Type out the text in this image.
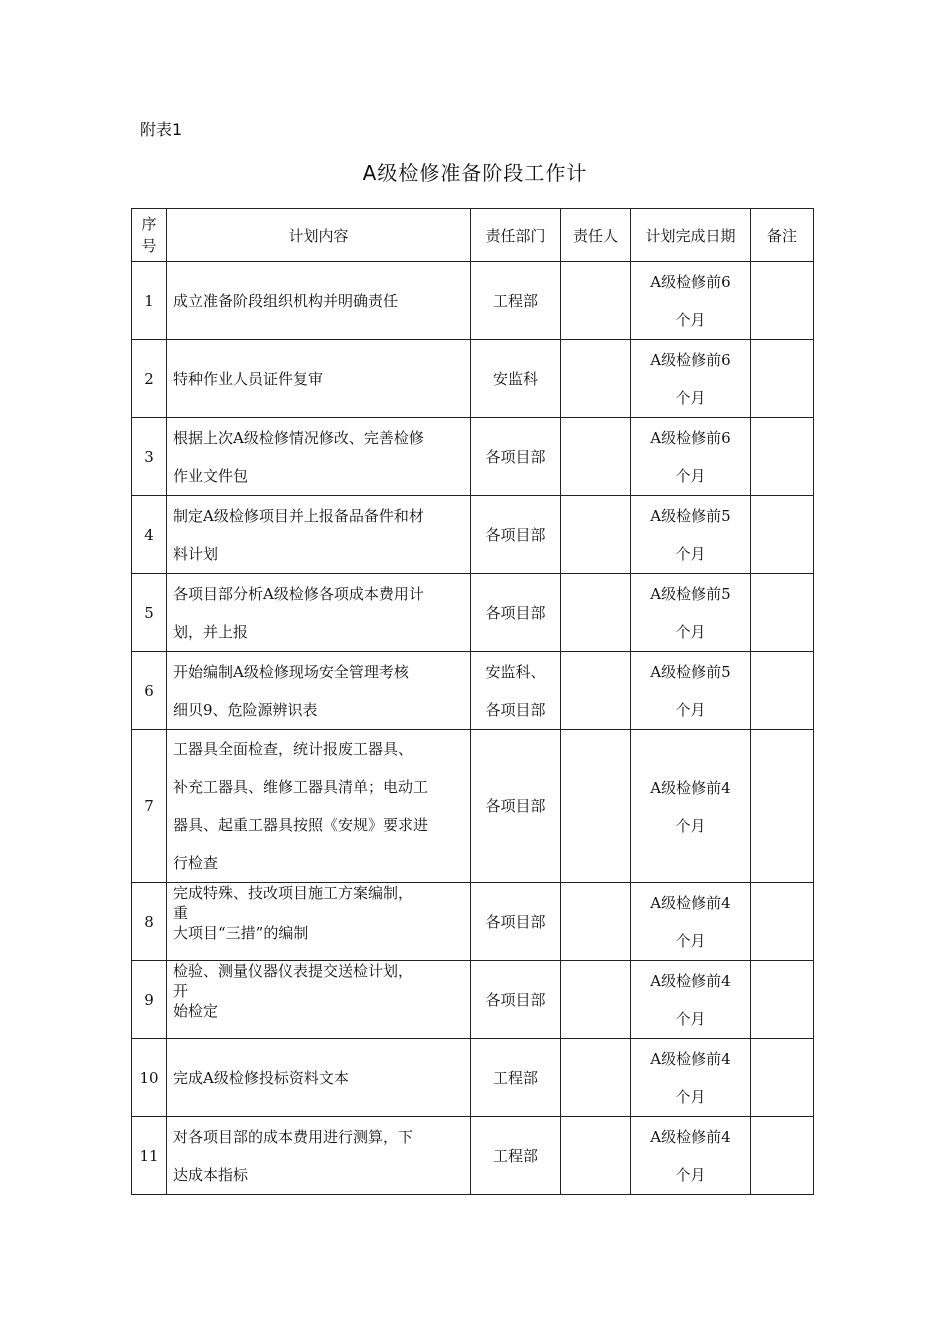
附表1
A级检修准备阶段工作计
序
号	计划内容	责任部门	责任人	计划完成日期	备注
1	成立准备阶段组织机构并明确责任	工程部		A级检修前6
个月	
2	特种作业人员证件复审	安监科		A级检修前6
个月	
3	根据上次A级检修情况修改、完善检修
作业文件包	各项目部		A级检修前6
个月	
4	制定A级检修项目并上报备品备件和材
料计划	各项目部		A级检修前5
个月	
5	各项目部分析A级检修各项成本费用计
划，并上报	各项目部		A级检修前5
个月	
6	开始编制A级检修现场安全管理考核
细贝9、危险源辨识表	安监科、
各项目部		A级检修前5
个月	
7	工器具全面检查，统计报废工器具、
补充工器具、维修工器具清单；电动工
器具、起重工器具按照《安规》要求进
行检查	各项目部		A级检修前4
个月	
8	完成特殊、技改项目施工方案编制，
重
大项目“三措”的编制	各项目部		A级检修前4
个月	
9	检验、测量仪器仪表提交送检计划，
开
始检定	各项目部		A级检修前4
个月	
10	完成A级检修投标资料文本	工程部		A级检修前4
个月	
11	对各项目部的成本费用进行测算，下
达成本指标	工程部		A级检修前4
个月	
